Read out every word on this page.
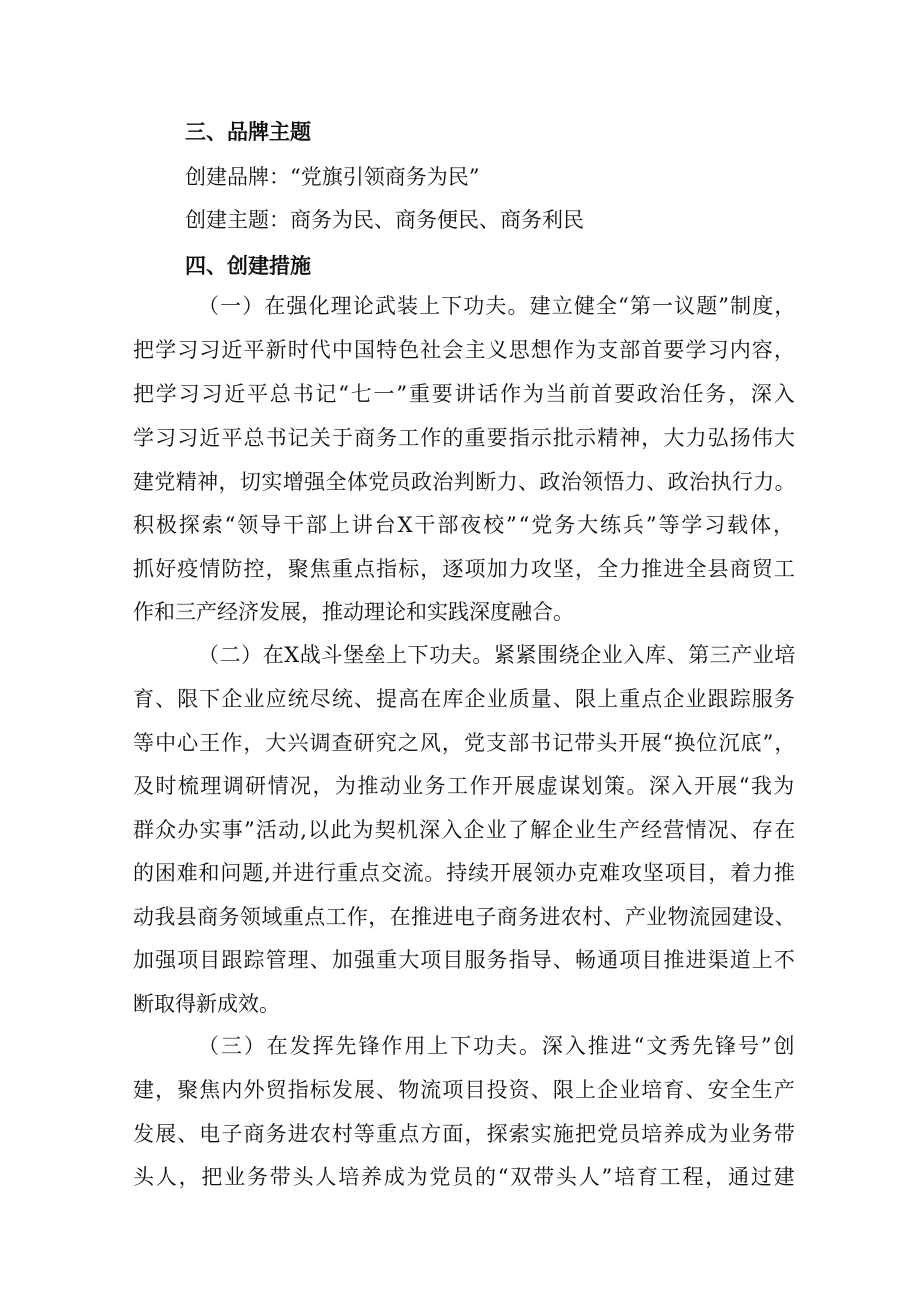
三、品牌主题
创建品牌：“党旗引领商务为民”
创建主题：商务为民、商务便民、商务利民
四、创建措施
（一）在强化理论武装上下功夫。建立健全“第一议题”制度，
把学习习近平新时代中国特色社会主义思想作为支部首要学习内容，
把学习习近平总书记“七一”重要讲话作为当前首要政治任务，深入
学习习近平总书记关于商务工作的重要指示批示精神，大力弘扬伟大
建党精神，切实增强全体党员政治判断力、政治领悟力、政治执行力。
积极探索“领导干部上讲台X干部夜校”“党务大练兵”等学习载体，
抓好疫情防控，聚焦重点指标，逐项加力攻坚，全力推进全县商贸工
作和三产经济发展，推动理论和实践深度融合。
（二）在X战斗堡垒上下功夫。紧紧围绕企业入库、第三产业培
育、限下企业应统尽统、提高在库企业质量、限上重点企业跟踪服务
等中心王作，大兴调查研究之风，党支部书记带头开展“换位沉底”，
及时梳理调研情况，为推动业务工作开展虚谋划策。深入开展“我为
群众办实事”活动,以此为契机深入企业了解企业生产经营情况、存在
的困难和问题,并进行重点交流。持续开展领办克难攻坚项目，着力推
动我县商务领域重点工作，在推进电子商务进农村、产业物流园建设、
加强项目跟踪管理、加强重大项目服务指导、畅通项目推进渠道上不
断取得新成效。
（三）在发挥先锋作用上下功夫。深入推进“文秀先锋号”创
建，聚焦内外贸指标发展、物流项目投资、限上企业培育、安全生产
发展、电子商务进农村等重点方面，探索实施把党员培养成为业务带
头人，把业务带头人培养成为党员的“双带头人”培育工程，通过建
